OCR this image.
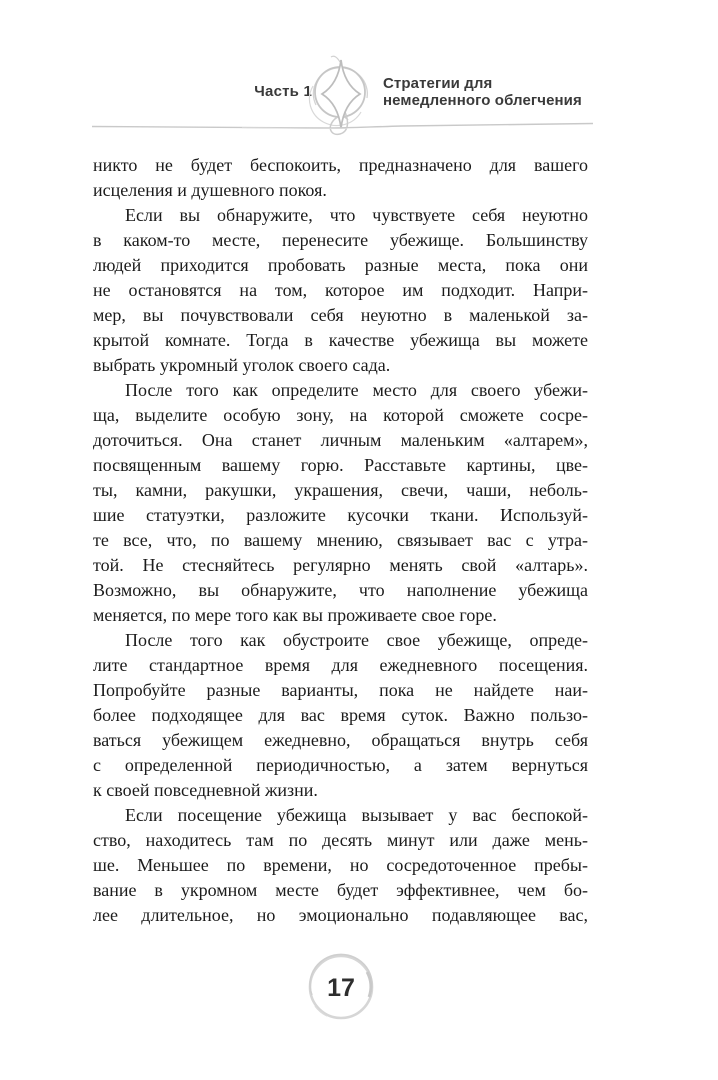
Часть 1	Стратегии для
немедленного облегчения
никто не будет беспокоить, предназначено для вашего
исцеления и душевного покоя.
Если вы обнаружите, что чувствуете себя неуютно
в каком-то месте, перенесите убежище. Большинству
людей приходится пробовать разные места, пока они
не остановятся на том, которое им подходит. Напри-
мер, вы почувствовали себя неуютно в маленькой за-
крытой комнате. Тогда в качестве убежища вы можете
выбрать укромный уголок своего сада.
После того как определите место для своего убежи-
ща, выделите особую зону, на которой сможете сосре-
доточиться. Она станет личным маленьким «алтарем»,
посвященным вашему горю. Расставьте картины, цве-
ты, камни, ракушки, украшения, свечи, чаши, неболь-
шие статуэтки, разложите кусочки ткани. Используй-
те все, что, по вашему мнению, связывает вас с утра-
той. Не стесняйтесь регулярно менять свой «алтарь».
Возможно, вы обнаружите, что наполнение убежища
меняется, по мере того как вы проживаете свое горе.
После того как обустроите свое убежище, опреде-
лите стандартное время для ежедневного посещения.
Попробуйте разные варианты, пока не найдете наи-
более подходящее для вас время суток. Важно пользо-
ваться убежищем ежедневно, обращаться внутрь себя
с определенной периодичностью, а затем вернуться
к своей повседневной жизни.
Если посещение убежища вызывает у вас беспокой-
ство, находитесь там по десять минут или даже мень-
ше. Меньшее по времени, но сосредоточенное пребы-
вание в укромном месте будет эффективнее, чем бо-
лее длительное, но эмоционально подавляющее вас,
17
